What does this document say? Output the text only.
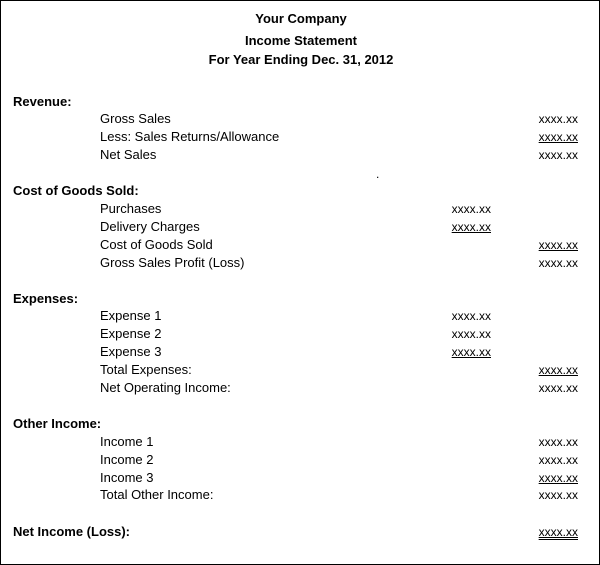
Your Company
Income Statement
For Year Ending Dec. 31, 2012
Revenue:
Gross Sales	xxxx.xx
Less: Sales Returns/Allowance	xxxx.xx
Net Sales	xxxx.xx
.
Cost of Goods Sold:
Purchases	xxxx.xx
Delivery Charges	xxxx.xx
Cost of Goods Sold	xxxx.xx
Gross Sales Profit (Loss)	xxxx.xx
Expenses:
Expense 1	xxxx.xx
Expense 2	xxxx.xx
Expense 3	xxxx.xx
Total Expenses:	xxxx.xx
Net Operating Income:	xxxx.xx
Other Income:
Income 1	xxxx.xx
Income 2	xxxx.xx
Income 3	xxxx.xx
Total Other Income:	xxxx.xx
Net Income (Loss):	xxxx.xx
